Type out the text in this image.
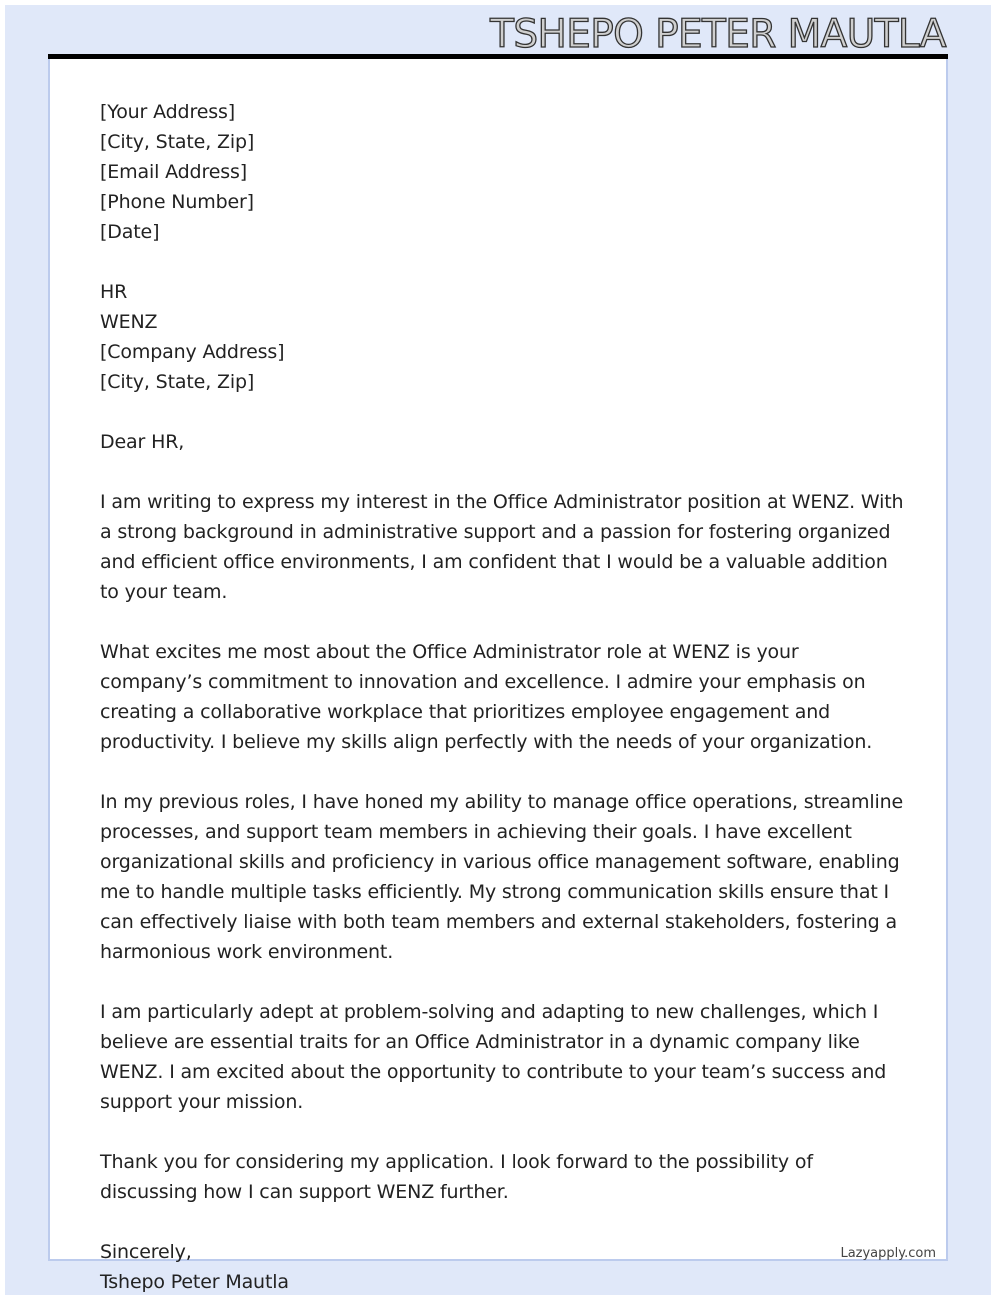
TSHEPO PETER MAUTLA
[Your Address]
[City, State, Zip]
[Email Address]
[Phone Number]
[Date]
HR
WENZ
[Company Address]
[City, State, Zip]
Dear HR,

I am writing to express my interest in the Office Administrator position at WENZ. With a strong background in administrative support and a passion for fostering organized and efficient office environments, I am confident that I would be a valuable addition to your team.

What excites me most about the Office Administrator role at WENZ is your company’s commitment to innovation and excellence. I admire your emphasis on creating a collaborative workplace that prioritizes employee engagement and productivity. I believe my skills align perfectly with the needs of your organization.

In my previous roles, I have honed my ability to manage office operations, streamline processes, and support team members in achieving their goals. I have excellent organizational skills and proficiency in various office management software, enabling me to handle multiple tasks efficiently. My strong communication skills ensure that I can effectively liaise with both team members and external stakeholders, fostering a harmonious work environment.

I am particularly adept at problem-solving and adapting to new challenges, which I believe are essential traits for an Office Administrator in a dynamic company like WENZ. I am excited about the opportunity to contribute to your team’s success and support your mission.

Thank you for considering my application. I look forward to the possibility of discussing how I can support WENZ further.

Sincerely,
Tshepo Peter Mautla
Lazyapply.com
